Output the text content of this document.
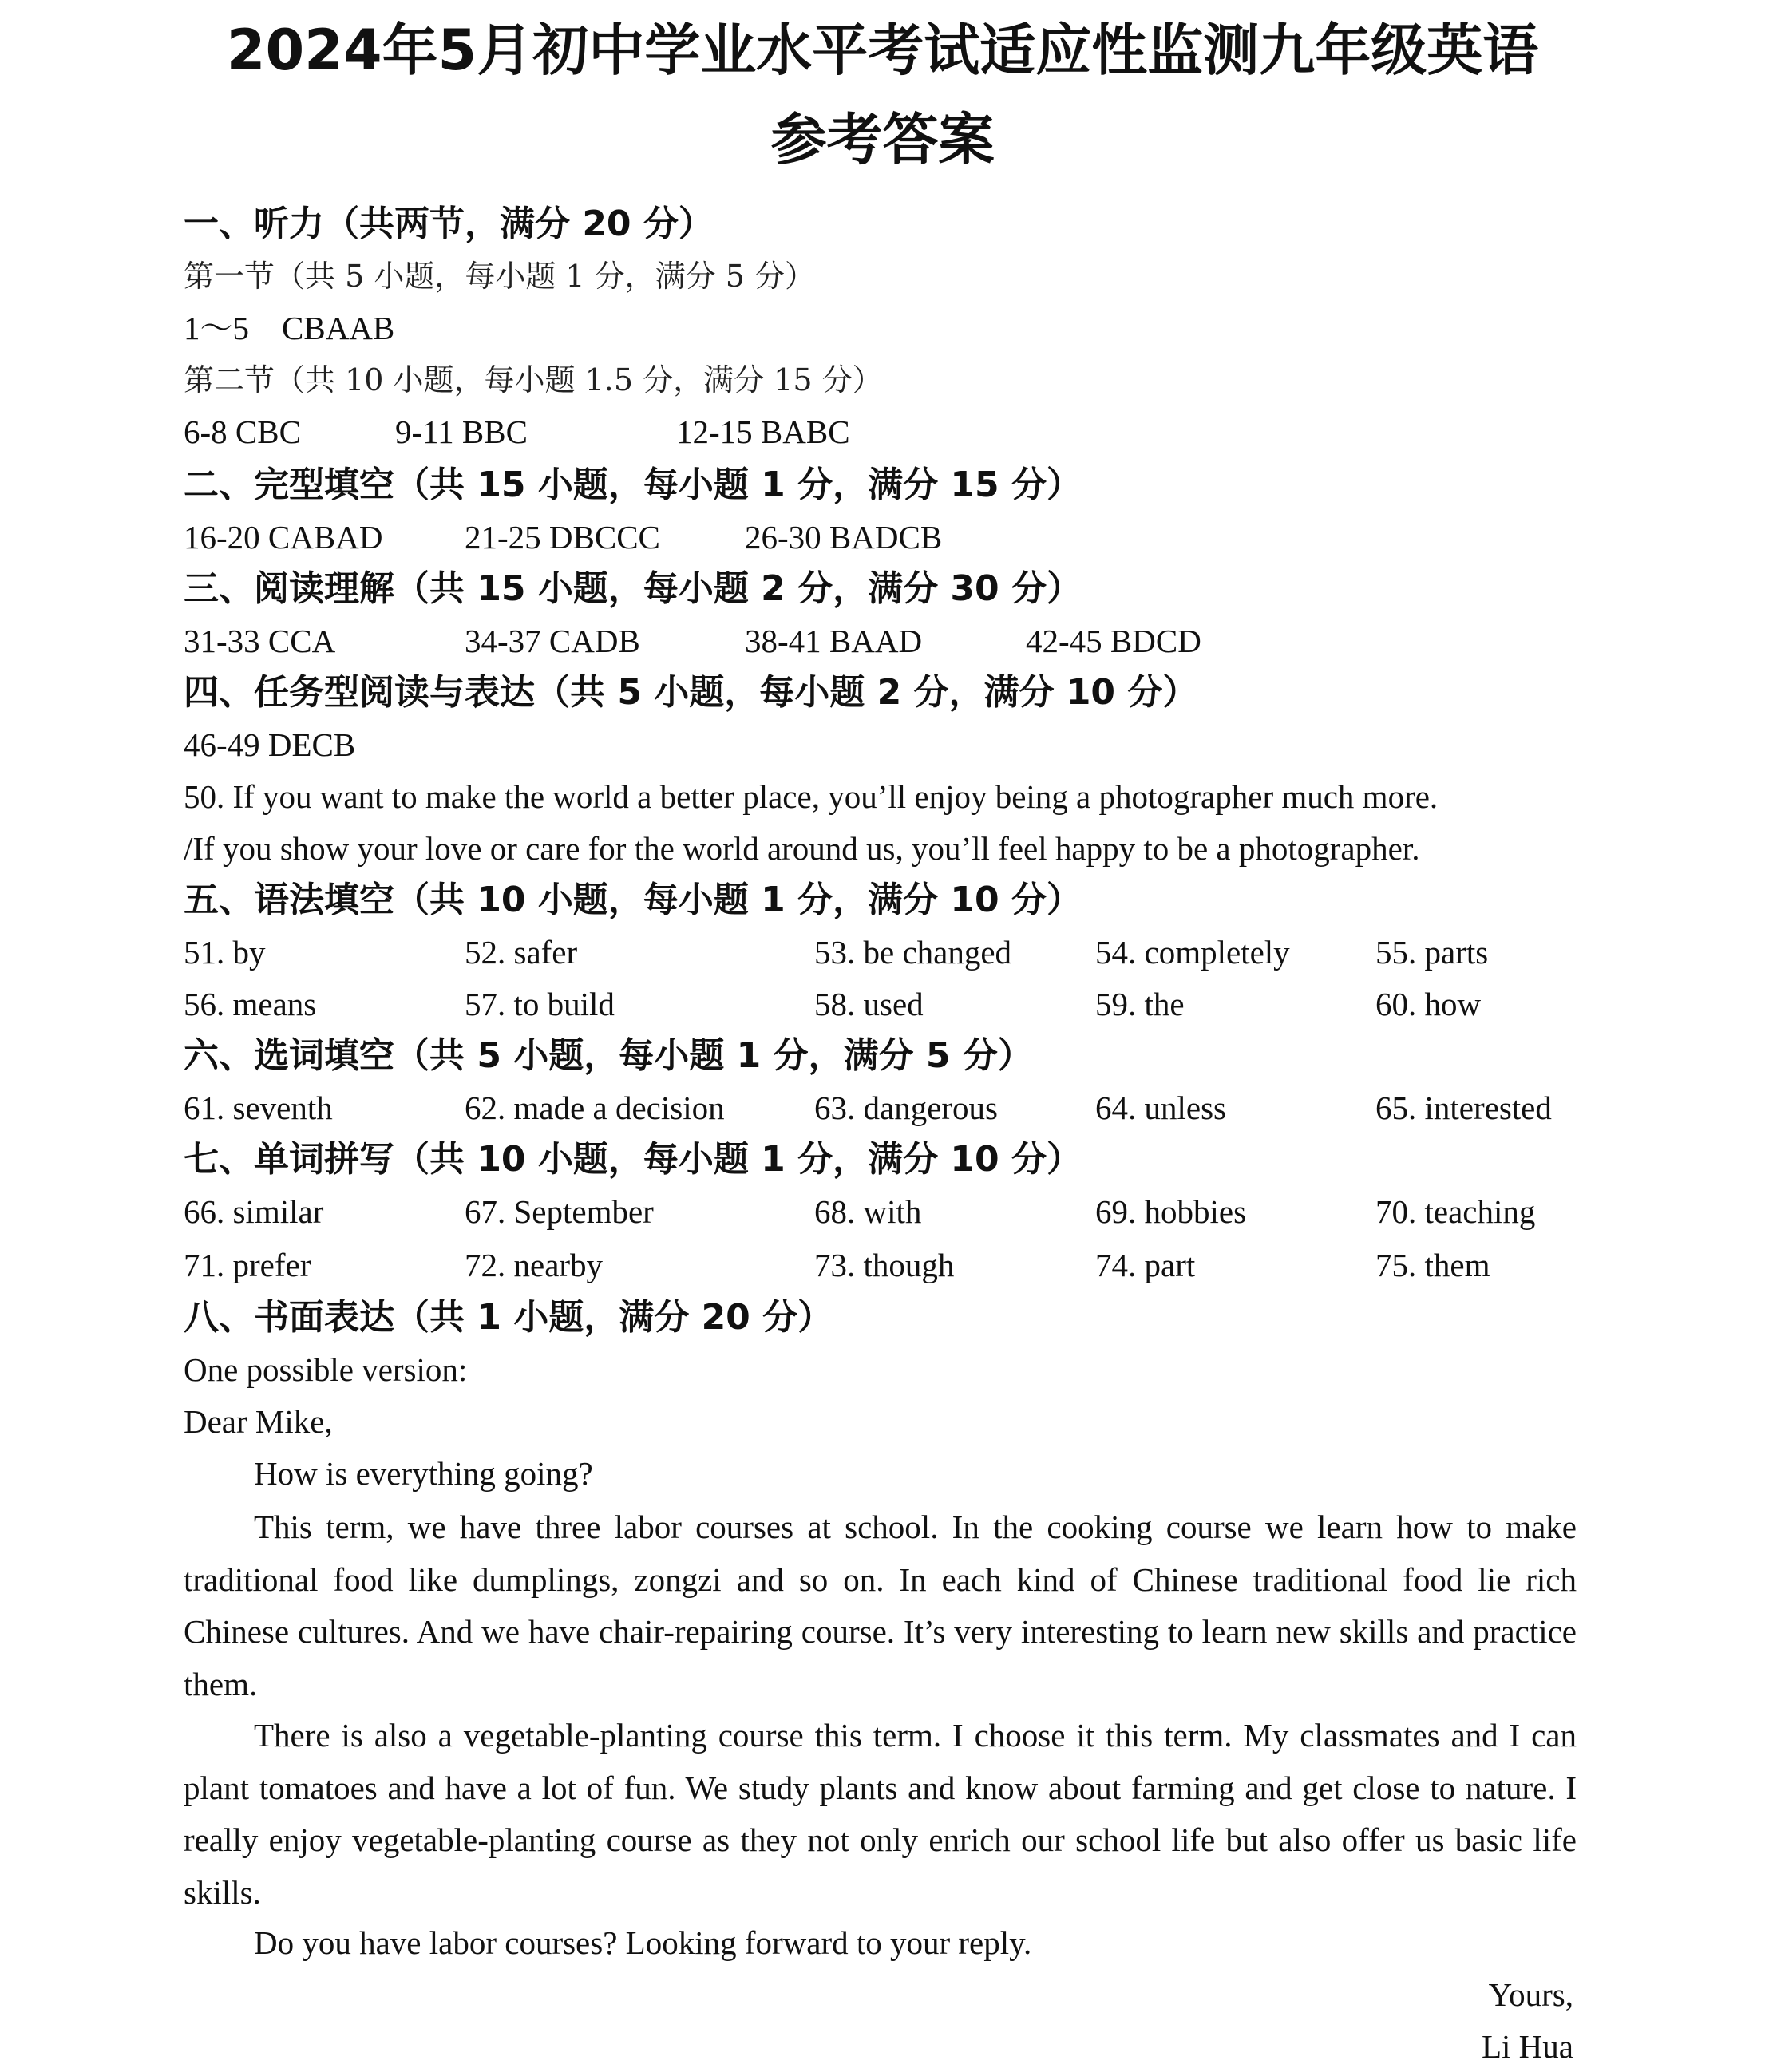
2024年5月初中学业水平考试适应性监测九年级英语
参考答案
一、听力（共两节，满分 20 分）
第一节（共 5 小题，每小题 1 分，满分 5 分）
1～5　CBAAB
第二节（共 10 小题，每小题 1.5 分，满分 15 分）
6-8 CBC	9-11 BBC	12-15 BABC
二、完型填空（共 15 小题，每小题 1 分，满分 15 分）
16-20 CABAD	21-25 DBCCC	26-30 BADCB
三、阅读理解（共 15 小题，每小题 2 分，满分 30 分）
31-33 CCA	34-37 CADB	38-41 BAAD	42-45 BDCD
四、任务型阅读与表达（共 5 小题，每小题 2 分，满分 10 分）
46-49 DECB
50. If you want to make the world a better place, you’ll enjoy being a photographer much more.
/If you show your love or care for the world around us, you’ll feel happy to be a photographer.
五、语法填空（共 10 小题，每小题 1 分，满分 10 分）
51. by	52. safer	53. be changed	54. completely	55. parts
56. means	57. to build	58. used	59. the	60. how
六、选词填空（共 5 小题，每小题 1 分，满分 5 分）
61. seventh	62. made a decision	63. dangerous	64. unless	65. interested
七、单词拼写（共 10 小题，每小题 1 分，满分 10 分）
66. similar	67. September	68. with	69. hobbies	70. teaching
71. prefer	72. nearby	73. though	74. part	75. them
八、书面表达（共 1 小题，满分 20 分）
One possible version:
Dear Mike,
How is everything going?

This term, we have three labor courses at school. In the cooking course we learn how to make traditional food like dumplings, zongzi and so on. In each kind of Chinese traditional food lie rich Chinese cultures. And we have chair-repairing course. It’s very interesting to learn new skills and practice them.

There is also a vegetable-planting course this term. I choose it this term. My classmates and I can plant tomatoes and have a lot of fun. We study plants and know about farming and get close to nature. I really enjoy vegetable-planting course as they not only enrich our school life but also offer us basic life skills.

Do you have labor courses? Looking forward to your reply.
Yours,
Li Hua
